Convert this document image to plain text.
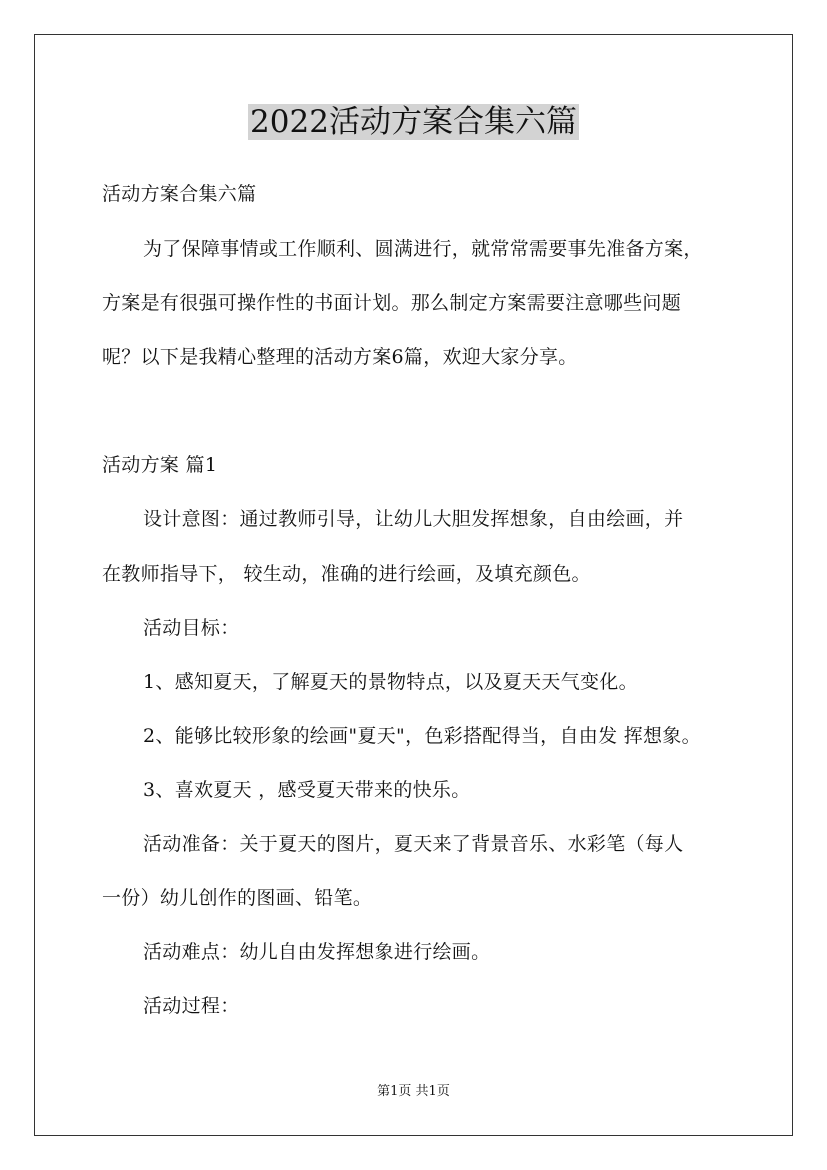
2022活动方案合集六篇

活动方案合集六篇

为了保障事情或工作顺利、圆满进行，就常常需要事先准备方案，

方案是有很强可操作性的书面计划。那么制定方案需要注意哪些问题

呢？以下是我精心整理的活动方案6篇，欢迎大家分享。

活动方案 篇1

设计意图：通过教师引导，让幼儿大胆发挥想象，自由绘画，并

在教师指导下， 较生动，准确的进行绘画，及填充颜色。

活动目标：

1、感知夏天，了解夏天的景物特点，以及夏天天气变化。

2、能够比较形象的绘画"夏天"，色彩搭配得当，自由发 挥想象。

3、喜欢夏天 ，感受夏天带来的快乐。

活动准备：关于夏天的图片，夏天来了背景音乐、水彩笔（每人

一份）幼儿创作的图画、铅笔。

活动难点：幼儿自由发挥想象进行绘画。

活动过程：

第1页 共1页
